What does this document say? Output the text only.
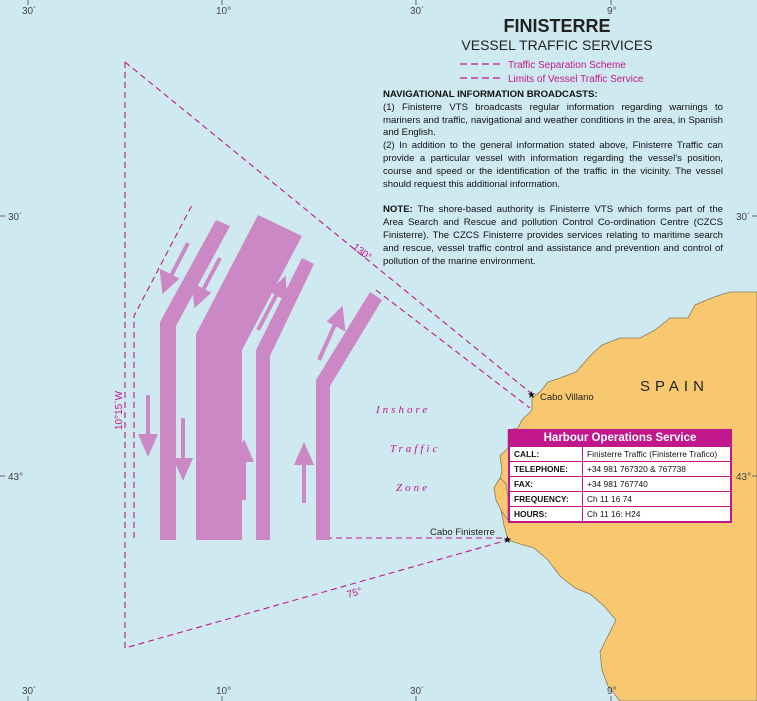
30´	10°	30´	9°
30´	10°	30´	9°
30´
43°
30´
43°
Traffic Separation Scheme
Limits of Vessel Traffic Service
FINISTERRE
VESSEL TRAFFIC SERVICES
Inshore
Traffic
Zone
10°15´W
130°
75°
SPAIN
Cabo Villano
Cabo Finisterre
★
★

NAVIGATIONAL INFORMATION BROADCASTS:

(1) Finisterre VTS broadcasts regular information regarding warnings to mariners and traffic, navigational and weather conditions in the area, in Spanish and English.

(2) In addition to the general information stated above, Finisterre Traffic can provide a particular vessel with information regarding the vessel's position, course and speed or the identification of the traffic in the vicinity. The vessel should request this additional information.

NOTE: The shore-based authority is Finisterre VTS which forms part of the Area Search and Rescue and pollution Control Co-ordination Centre (CZCS Finisterre). The CZCS Finisterre provides services relating to maritime search and rescue, vessel traffic control and assistance and prevention and control of pollution of the marine environment.

Harbour Operations Service
CALL:	Finisterre Traffic (Finisterre Trafico)
TELEPHONE:	+34 981 767320 & 767738
FAX:	+34 981 767740
FREQUENCY:	Ch 11 16 74
HOURS:	Ch 11 16: H24
